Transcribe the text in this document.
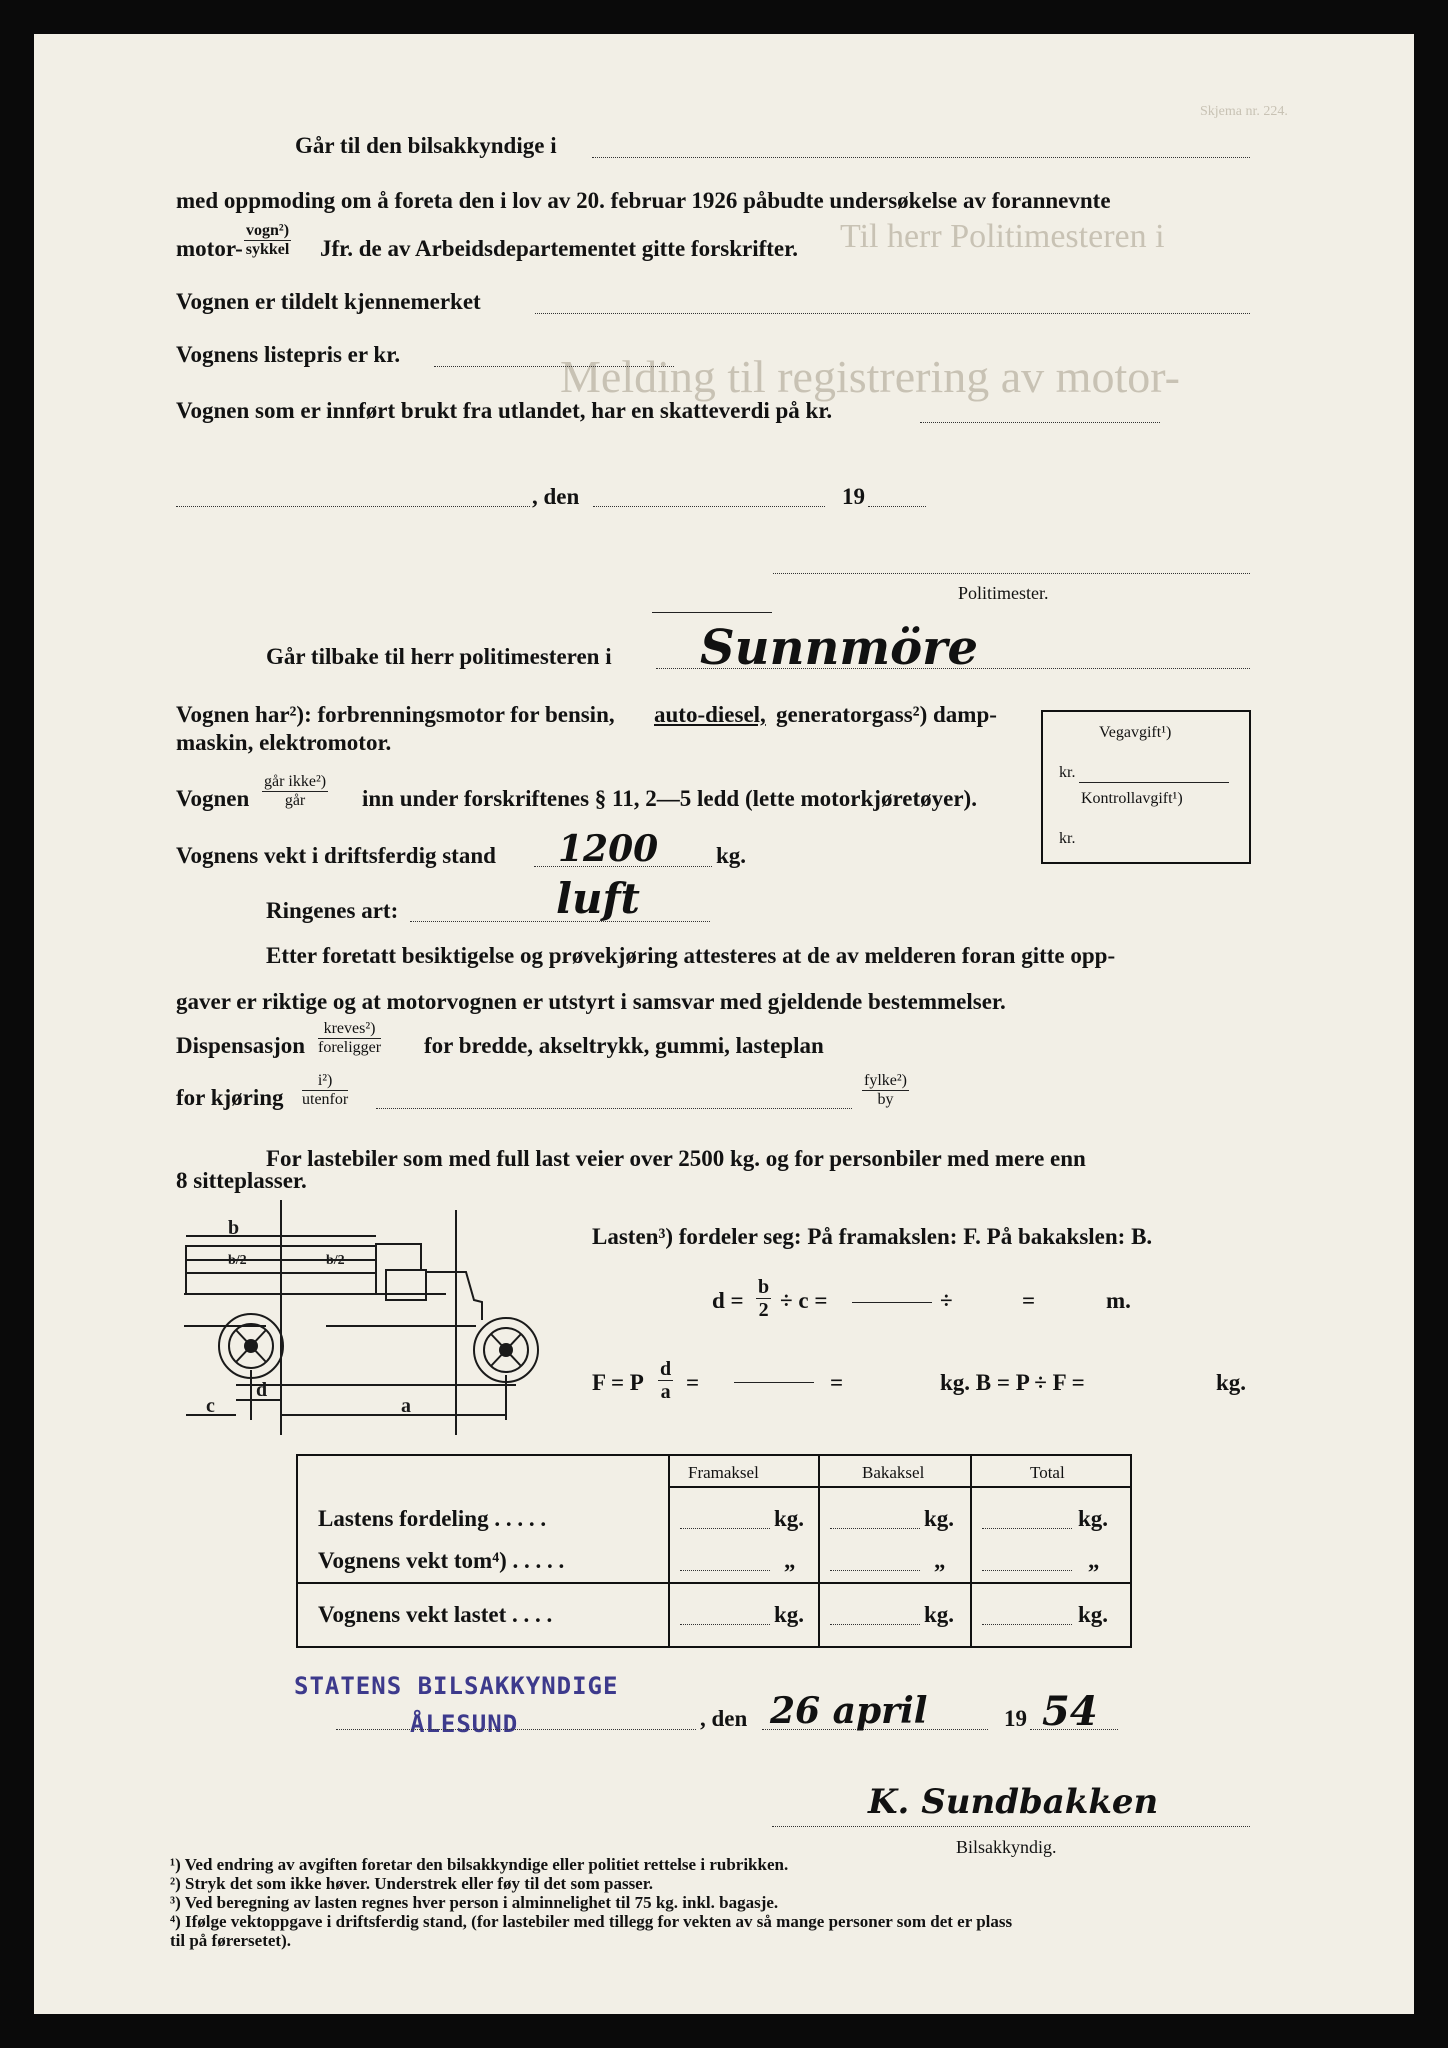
Skjema nr. 224.
Til herr Politimesteren i
Melding til registrering av motor-
Går til den bilsakkyndige i
med oppmoding om å foreta den i lov av 20. februar 1926 påbudte undersøkelse av forannevnte
motor-
vogn²)
sykkel Jfr. de av Arbeidsdepartementet gitte forskrifter.
Vognen er tildelt kjennemerket
Vognens listepris er kr.
Vognen som er innført brukt fra utlandet, har en skatteverdi på kr.
, den	19
Politimester.
Går tilbake til herr politimesteren i Sunnmöre
Vognen har²): forbrenningsmotor for bensin, auto-diesel, generatorgass²) damp-
maskin, elektromotor.	Vegavgift¹)
kr.
Kontrollavgift¹)
kr.
Vognen
går ikke²)
går	inn under forskriftenes § 11, 2—5 ledd (lette motorkjøretøyer).
Vognens vekt i driftsferdig stand 1200	kg.
Ringenes art:	luft
Etter foretatt besiktigelse og prøvekjøring attesteres at de av melderen foran gitte opp-
gaver er riktige og at motorvognen er utstyrt i samsvar med gjeldende bestemmelser.
Dispensasjon
kreves²)
foreligger for bredde, akseltrykk, gummi, lasteplan
for kjøring
i²)
utenfor
fylke²)
by
For lastebiler som med full last veier over 2500 kg. og for personbiler med mere enn
8 sitteplasser.
b
b/2	b/2
c
d
a
Lasten³) fordeler seg: På framakslen: F. På bakakslen: B.
$d = \frac{b}{2} \div c$ =	÷	=	m.
F = P $\frac{d}{a}$ =	=	kg. B = P ÷ F =	kg.
Framaksel	Bakaksel	Total
Lastens fordeling . . . . .	kg.	kg.	kg.
Vognens vekt tom⁴) . . . . .	„	„	„
Vognens vekt lastet . . . .	kg.	kg.	kg.
STATENS BILSAKKYNDIGE
ÅLESUND	, den 26 april	19 54
K. Sundbakken
Bilsakkyndig.
¹) Ved endring av avgiften foretar den bilsakkyndige eller politiet rettelse i rubrikken.
²) Stryk det som ikke høver. Understrek eller føy til det som passer.
³) Ved beregning av lasten regnes hver person i alminnelighet til 75 kg. inkl. bagasje.
⁴) Ifølge vektoppgave i driftsferdig stand, (for lastebiler med tillegg for vekten av så mange personer som det er plass
til på førersetet).
